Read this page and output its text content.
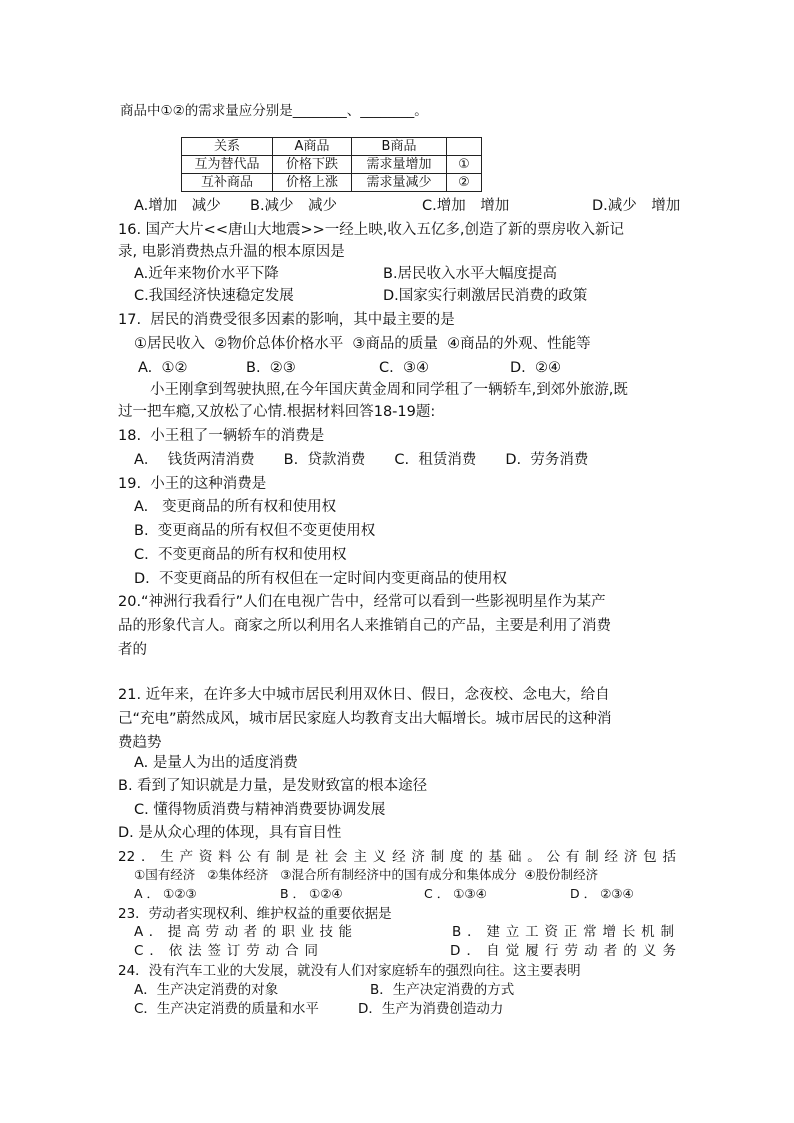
商品中①②的需求量应分别是________、________。
关系	A商品	B商品	
互为替代品	价格下跌	需求量增加	①
互补商品	价格上涨	需求量减少	②
A.增加　减少 B.减少　减少	C.增加　增加	D.减少　增加
16. 国产大片<<唐山大地震>>一经上映,收入五亿多,创造了新的票房收入新记
录, 电影消费热点升温的根本原因是
A.近年来物价水平下降	B.居民收入水平大幅度提高
C.我国经济快速稳定发展	D.国家实行刺激居民消费的政策
17.  居民的消费受很多因素的影响，其中最主要的是
①居民收入  ②物价总体价格水平  ③商品的质量  ④商品的外观、性能等
A.  ①②	B.  ②③	C.  ③④	D.  ②④
小王刚拿到驾驶执照,在今年国庆黄金周和同学租了一辆轿车,到郊外旅游,既
过一把车瘾,又放松了心情.根据材料回答18-19题:
18.  小王租了一辆轿车的消费是
A．  钱货两清消费　　B.  贷款消费　　C.  租赁消费　　D.  劳务消费
19.  小王的这种消费是
A.   变更商品的所有权和使用权
B.  变更商品的所有权但不变更使用权
C.  不变更商品的所有权和使用权
D.  不变更商品的所有权但在一定时间内变更商品的使用权
20.“神洲行我看行”人们在电视广告中，经常可以看到一些影视明星作为某产
品的形象代言人。商家之所以利用名人来推销自己的产品，主要是利用了消费
者的
21. 近年来，在许多大中城市居民利用双休日、假日，念夜校、念电大，给自
己“充电”蔚然成风，城市居民家庭人均教育支出大幅增长。城市居民的这种消
费趋势
A. 是量人为出的适度消费
B. 看到了知识就是力量，是发财致富的根本途径
C. 懂得物质消费与精神消费要协调发展
D. 是从众心理的体现，具有盲目性
22．生产资料公有制是社会主义经济制度的基础。公有制经济包括
①国有经济   ②集体经济   ③混合所有制经济中的国有成分和集体成分  ④股份制经济
A ． ①②③	B ． ①②④	C ． ①③④	D ． ②③④
23．劳动者实现权利、维护权益的重要依据是
A．提高劳动者的职业技能	B．建立工资正常增长机制
C．依法签订劳动合同	D．自觉履行劳动者的义务
24．没有汽车工业的大发展，就没有人们对家庭轿车的强烈向往。这主要表明
A．生产决定消费的对象	B．生产决定消费的方式
C．生产决定消费的质量和水平	D．生产为消费创造动力
